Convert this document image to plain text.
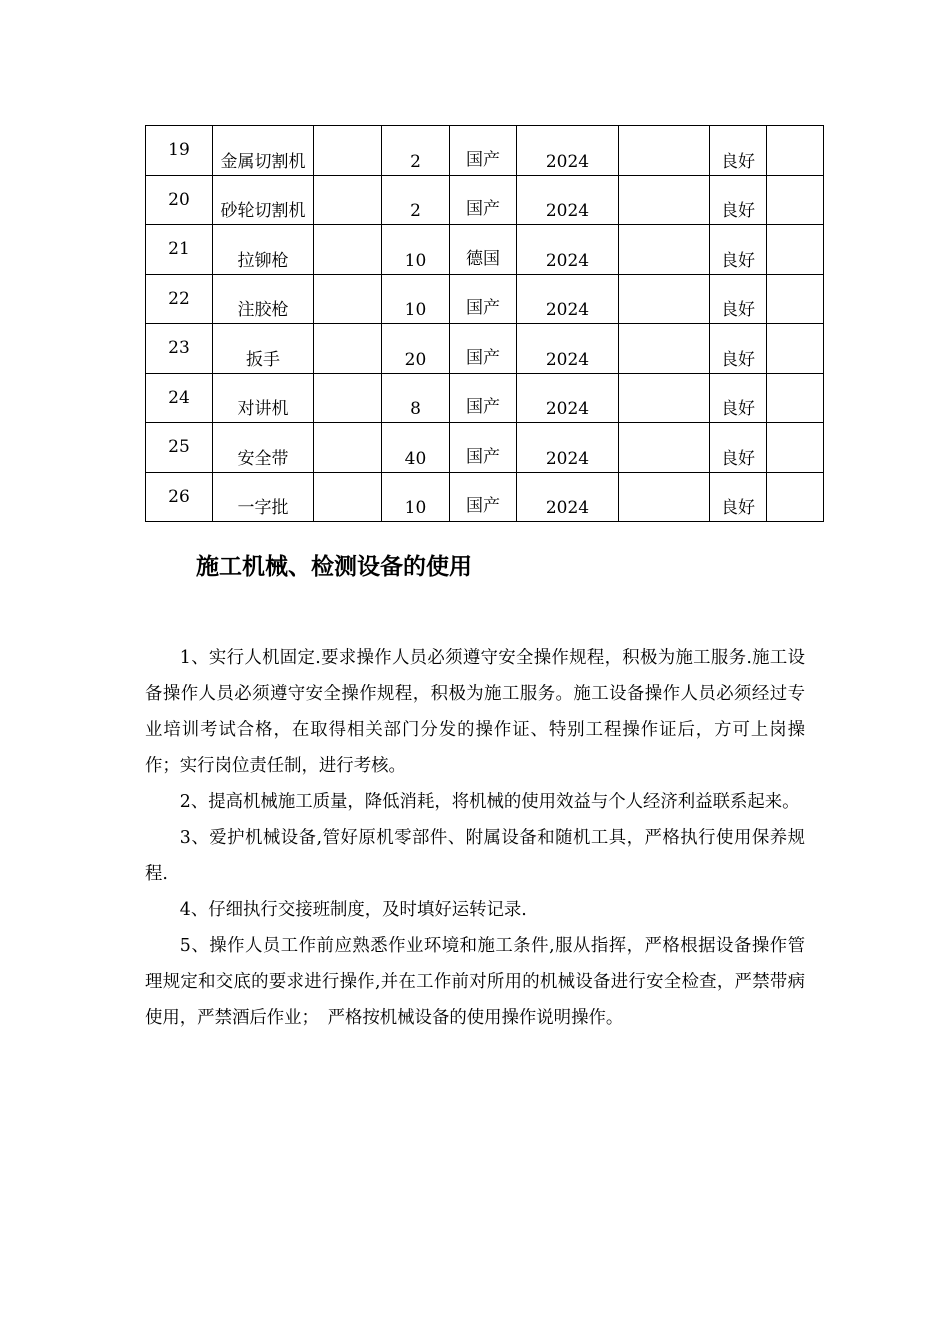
19	金属切割机		2	国产	2024		良好	
20	砂轮切割机		2	国产	2024		良好	
21	拉铆枪		10	德国	2024		良好	
22	注胶枪		10	国产	2024		良好	
23	扳手		20	国产	2024		良好	
24	对讲机		8	国产	2024		良好	
25	安全带		40	国产	2024		良好	
26	一字批		10	国产	2024		良好	
施工机械、检测设备的使用

1、实行人机固定.要求操作人员必须遵守安全操作规程，积极为施工服务.施工设备操作人员必须遵守安全操作规程，积极为施工服务。施工设备操作人员必须经过专业培训考试合格，在取得相关部门分发的操作证、特别工程操作证后，方可上岗操作；实行岗位责任制，进行考核。

2、提高机械施工质量，降低消耗，将机械的使用效益与个人经济利益联系起来。

3、爱护机械设备,管好原机零部件、附属设备和随机工具，严格执行使用保养规程.

4、仔细执行交接班制度，及时填好运转记录.

5、操作人员工作前应熟悉作业环境和施工条件,服从指挥，严格根据设备操作管理规定和交底的要求进行操作,并在工作前对所用的机械设备进行安全检查，严禁带病使用，严禁酒后作业；　严格按机械设备的使用操作说明操作。
